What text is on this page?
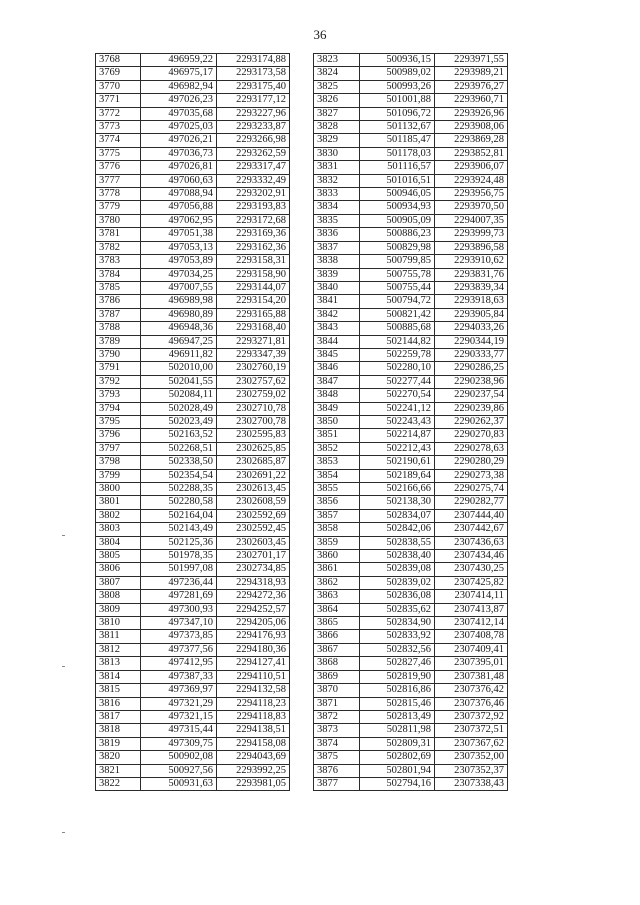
36
3768	496959,22	2293174,88
3769	496975,17	2293173,58
3770	496982,94	2293175,40
3771	497026,23	2293177,12
3772	497035,68	2293227,96
3773	497025,03	2293233,87
3774	497026,21	2293266,98
3775	497036,73	2293262,59
3776	497026,81	2293317,47
3777	497060,63	2293332,49
3778	497088,94	2293202,91
3779	497056,88	2293193,83
3780	497062,95	2293172,68
3781	497051,38	2293169,36
3782	497053,13	2293162,36
3783	497053,89	2293158,31
3784	497034,25	2293158,90
3785	497007,55	2293144,07
3786	496989,98	2293154,20
3787	496980,89	2293165,88
3788	496948,36	2293168,40
3789	496947,25	2293271,81
3790	496911,82	2293347,39
3791	502010,00	2302760,19
3792	502041,55	2302757,62
3793	502084,11	2302759,02
3794	502028,49	2302710,78
3795	502023,49	2302700,78
3796	502163,52	2302595,83
3797	502268,51	2302625,85
3798	502338,50	2302685,87
3799	502354,54	2302691,22
3800	502288,35	2302613,45
3801	502280,58	2302608,59
3802	502164,04	2302592,69
3803	502143,49	2302592,45
3804	502125,36	2302603,45
3805	501978,35	2302701,17
3806	501997,08	2302734,85
3807	497236,44	2294318,93
3808	497281,69	2294272,36
3809	497300,93	2294252,57
3810	497347,10	2294205,06
3811	497373,85	2294176,93
3812	497377,56	2294180,36
3813	497412,95	2294127,41
3814	497387,33	2294110,51
3815	497369,97	2294132,58
3816	497321,29	2294118,23
3817	497321,15	2294118,83
3818	497315,44	2294138,51
3819	497309,75	2294158,08
3820	500902,08	2294043,69
3821	500927,56	2293992,25
3822	500931,63	2293981,05
3823	500936,15	2293971,55
3824	500989,02	2293989,21
3825	500993,26	2293976,27
3826	501001,88	2293960,71
3827	501096,72	2293926,96
3828	501132,67	2293908,06
3829	501185,47	2293869,28
3830	501178,03	2293852,81
3831	501116,57	2293906,07
3832	501016,51	2293924,48
3833	500946,05	2293956,75
3834	500934,93	2293970,50
3835	500905,09	2294007,35
3836	500886,23	2293999,73
3837	500829,98	2293896,58
3838	500799,85	2293910,62
3839	500755,78	2293831,76
3840	500755,44	2293839,34
3841	500794,72	2293918,63
3842	500821,42	2293905,84
3843	500885,68	2294033,26
3844	502144,82	2290344,19
3845	502259,78	2290333,77
3846	502280,10	2290286,25
3847	502277,44	2290238,96
3848	502270,54	2290237,54
3849	502241,12	2290239,86
3850	502243,43	2290262,37
3851	502214,87	2290270,83
3852	502212,43	2290278,63
3853	502190,61	2290280,29
3854	502189,64	2290273,38
3855	502166,66	2290275,74
3856	502138,30	2290282,77
3857	502834,07	2307444,40
3858	502842,06	2307442,67
3859	502838,55	2307436,63
3860	502838,40	2307434,46
3861	502839,08	2307430,25
3862	502839,02	2307425,82
3863	502836,08	2307414,11
3864	502835,62	2307413,87
3865	502834,90	2307412,14
3866	502833,92	2307408,78
3867	502832,56	2307409,41
3868	502827,46	2307395,01
3869	502819,90	2307381,48
3870	502816,86	2307376,42
3871	502815,46	2307376,46
3872	502813,49	2307372,92
3873	502811,98	2307372,51
3874	502809,31	2307367,62
3875	502802,69	2307352,00
3876	502801,94	2307352,37
3877	502794,16	2307338,43
